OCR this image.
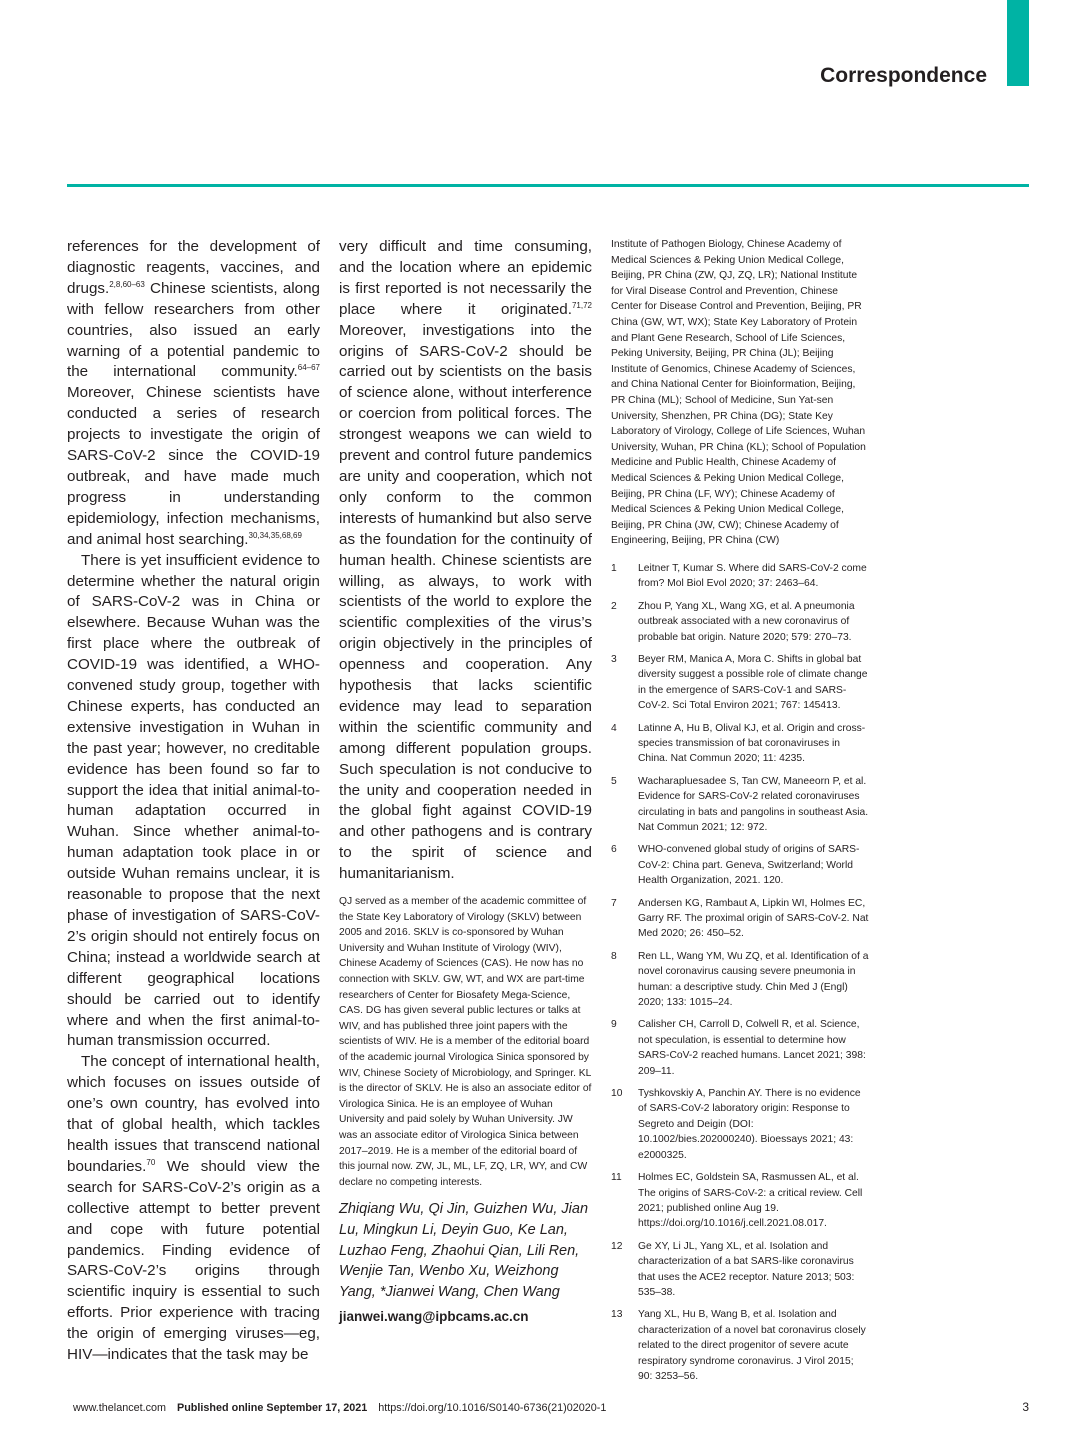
Correspondence

references for the development of diagnostic reagents, vaccines, and drugs.$^{2,8,60-63}$ Chinese scientists, along with fellow researchers from other countries, also issued an early warning of a potential pandemic to the international community.$^{64-67}$ Moreover, Chinese scientists have conducted a series of research projects to investigate the origin of SARS-CoV-2 since the COVID-19 outbreak, and have made much progress in understanding epidemiology, infection mechanisms, and animal host searching.$^{30,34,35,68,69}$

There is yet insufficient evidence to determine whether the natural origin of SARS-CoV-2 was in China or elsewhere. Because Wuhan was the first place where the outbreak of COVID-19 was identified, a WHO-convened study group, together with Chinese experts, has conducted an extensive investigation in Wuhan in the past year; however, no creditable evidence has been found so far to support the idea that initial animal-to-human adaptation occurred in Wuhan. Since whether animal-to-human adaptation took place in or outside Wuhan remains unclear, it is reasonable to propose that the next phase of investigation of SARS-CoV-2’s origin should not entirely focus on China; instead a worldwide search at different geographical locations should be carried out to identify where and when the first animal-to-human transmission occurred.

The concept of international health, which focuses on issues outside of one’s own country, has evolved into that of global health, which tackles health issues that transcend national boundaries.$^{70}$ We should view the search for SARS-CoV-2’s origin as a collective attempt to better prevent and cope with future potential pandemics. Finding evidence of SARS-CoV-2’s origins through scientific inquiry is essential to such efforts. Prior experience with tracing the origin of emerging viruses—eg, HIV—indicates that the task may be

very difficult and time consuming, and the location where an epidemic is first reported is not necessarily the place where it originated.$^{71,72}$ Moreover, investigations into the origins of SARS-CoV-2 should be carried out by scientists on the basis of science alone, without interference or coercion from political forces. The strongest weapons we can wield to prevent and control future pandemics are unity and cooperation, which not only conform to the common interests of humankind but also serve as the foundation for the continuity of human health. Chinese scientists are willing, as always, to work with scientists of the world to explore the scientific complexities of the virus’s origin objectively in the principles of openness and cooperation. Any hypothesis that lacks scientific evidence may lead to separation within the scientific community and among different population groups. Such speculation is not conducive to the unity and cooperation needed in the global fight against COVID-19 and other pathogens and is contrary to the spirit of science and humanitarianism.

QJ served as a member of the academic committee of the State Key Laboratory of Virology (SKLV) between 2005 and 2016. SKLV is co-sponsored by Wuhan University and Wuhan Institute of Virology (WIV), Chinese Academy of Sciences (CAS). He now has no connection with SKLV. GW, WT, and WX are part-time researchers of Center for Biosafety Mega-Science, CAS. DG has given several public lectures or talks at WIV, and has published three joint papers with the scientists of WIV. He is a member of the editorial board of the academic journal Virologica Sinica sponsored by WIV, Chinese Society of Microbiology, and Springer. KL is the director of SKLV. He is also an associate editor of Virologica Sinica. He is an employee of Wuhan University and paid solely by Wuhan University. JW was an associate editor of Virologica Sinica between 2017–2019. He is a member of the editorial board of this journal now. ZW, JL, ML, LF, ZQ, LR, WY, and CW declare no competing interests.

Zhiqiang Wu, Qi Jin, Guizhen Wu, Jian Lu, Mingkun Li, Deyin Guo, Ke Lan, Luzhao Feng, Zhaohui Qian, Lili Ren, Wenjie Tan, Wenbo Xu, Weizhong Yang, *Jianwei Wang, Chen Wang
jianwei.wang@ipbcams.ac.cn

Institute of Pathogen Biology, Chinese Academy of Medical Sciences & Peking Union Medical College, Beijing, PR China (ZW, QJ, ZQ, LR); National Institute for Viral Disease Control and Prevention, Chinese Center for Disease Control and Prevention, Beijing, PR China (GW, WT, WX); State Key Laboratory of Protein and Plant Gene Research, School of Life Sciences, Peking University, Beijing, PR China (JL); Beijing Institute of Genomics, Chinese Academy of Sciences, and China National Center for Bioinformation, Beijing, PR China (ML); School of Medicine, Sun Yat-sen University, Shenzhen, PR China (DG); State Key Laboratory of Virology, College of Life Sciences, Wuhan University, Wuhan, PR China (KL); School of Population Medicine and Public Health, Chinese Academy of Medical Sciences & Peking Union Medical College, Beijing, PR China (LF, WY); Chinese Academy of Medical Sciences & Peking Union Medical College, Beijing, PR China (JW, CW); Chinese Academy of Engineering, Beijing, PR China (CW)

1	Leitner T, Kumar S. Where did SARS-CoV-2 come from? Mol Biol Evol 2020; 37: 2463–64.
2	Zhou P, Yang XL, Wang XG, et al. A pneumonia outbreak associated with a new coronavirus of probable bat origin. Nature 2020; 579: 270–73.
3	Beyer RM, Manica A, Mora C. Shifts in global bat diversity suggest a possible role of climate change in the emergence of SARS-CoV-1 and SARS-CoV-2. Sci Total Environ 2021; 767: 145413.
4	Latinne A, Hu B, Olival KJ, et al. Origin and cross-species transmission of bat coronaviruses in China. Nat Commun 2020; 11: 4235.
5	Wacharapluesadee S, Tan CW, Maneeorn P, et al. Evidence for SARS-CoV-2 related coronaviruses circulating in bats and pangolins in southeast Asia. Nat Commun 2021; 12: 972.
6	WHO-convened global study of origins of SARS-CoV-2: China part. Geneva, Switzerland; World Health Organization, 2021. 120.
7	Andersen KG, Rambaut A, Lipkin WI, Holmes EC, Garry RF. The proximal origin of SARS-CoV-2. Nat Med 2020; 26: 450–52.
8	Ren LL, Wang YM, Wu ZQ, et al. Identification of a novel coronavirus causing severe pneumonia in human: a descriptive study. Chin Med J (Engl) 2020; 133: 1015–24.
9	Calisher CH, Carroll D, Colwell R, et al. Science, not speculation, is essential to determine how SARS-CoV-2 reached humans. Lancet 2021; 398: 209–11.
10	Tyshkovskiy A, Panchin AY. There is no evidence of SARS-CoV-2 laboratory origin: Response to Segreto and Deigin (DOI: 10.1002/bies.202000240). Bioessays 2021; 43: e2000325.
11	Holmes EC, Goldstein SA, Rasmussen AL, et al. The origins of SARS-CoV-2: a critical review. Cell 2021; published online Aug 19. https://doi.org/10.1016/j.cell.2021.08.017.
12	Ge XY, Li JL, Yang XL, et al. Isolation and characterization of a bat SARS-like coronavirus that uses the ACE2 receptor. Nature 2013; 503: 535–38.
13	Yang XL, Hu B, Wang B, et al. Isolation and characterization of a novel bat coronavirus closely related to the direct progenitor of severe acute respiratory syndrome coronavirus. J Virol 2015; 90: 3253–56.
www.thelancet.com Published online September 17, 2021 https://doi.org/10.1016/S0140-6736(21)02020-1	3
